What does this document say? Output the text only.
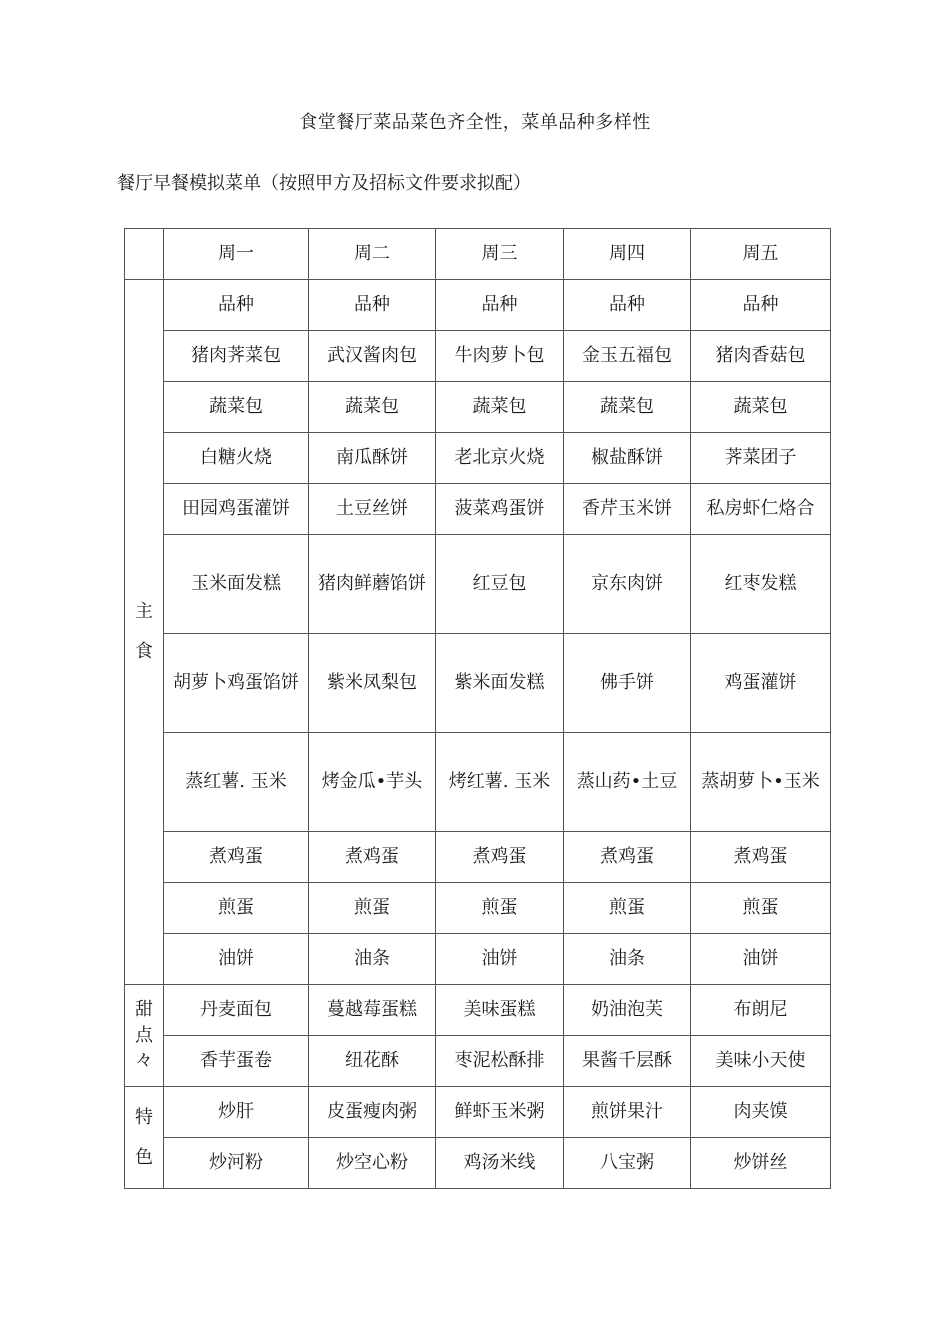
食堂餐厅菜品菜色齐全性，菜单品种多样性
餐厅早餐模拟菜单（按照甲方及招标文件要求拟配）
	周一	周二	周三	周四	周五

主
食	品种	品种	品种	品种	品种
	猪肉荠菜包	武汉酱肉包	牛肉萝卜包	金玉五福包	猪肉香菇包
	蔬菜包	蔬菜包	蔬菜包	蔬菜包	蔬菜包
	白糖火烧	南瓜酥饼	老北京火烧	椒盐酥饼	荠菜团子
	田园鸡蛋灌饼	土豆丝饼	菠菜鸡蛋饼	香芹玉米饼	私房虾仁烙合
	玉米面发糕	猪肉鲜蘑馅饼	红豆包	京东肉饼	红枣发糕
	胡萝卜鸡蛋馅饼	紫米凤梨包	紫米面发糕	佛手饼	鸡蛋灌饼
	蒸红薯. 玉米	烤金瓜•芋头	烤红薯. 玉米	蒸山药•土豆	蒸胡萝卜•玉米
	煮鸡蛋	煮鸡蛋	煮鸡蛋	煮鸡蛋	煮鸡蛋
	煎蛋	煎蛋	煎蛋	煎蛋	煎蛋
	油饼	油条	油饼	油条	油饼

甜
点
々	丹麦面包	蔓越莓蛋糕	美味蛋糕	奶油泡芙	布朗尼
	香芋蛋卷	纽花酥	枣泥松酥排	果酱千层酥	美味小天使

特
色	炒肝	皮蛋瘦肉粥	鲜虾玉米粥	煎饼果汁	肉夹馍
	炒河粉	炒空心粉	鸡汤米线	八宝粥	炒饼丝
